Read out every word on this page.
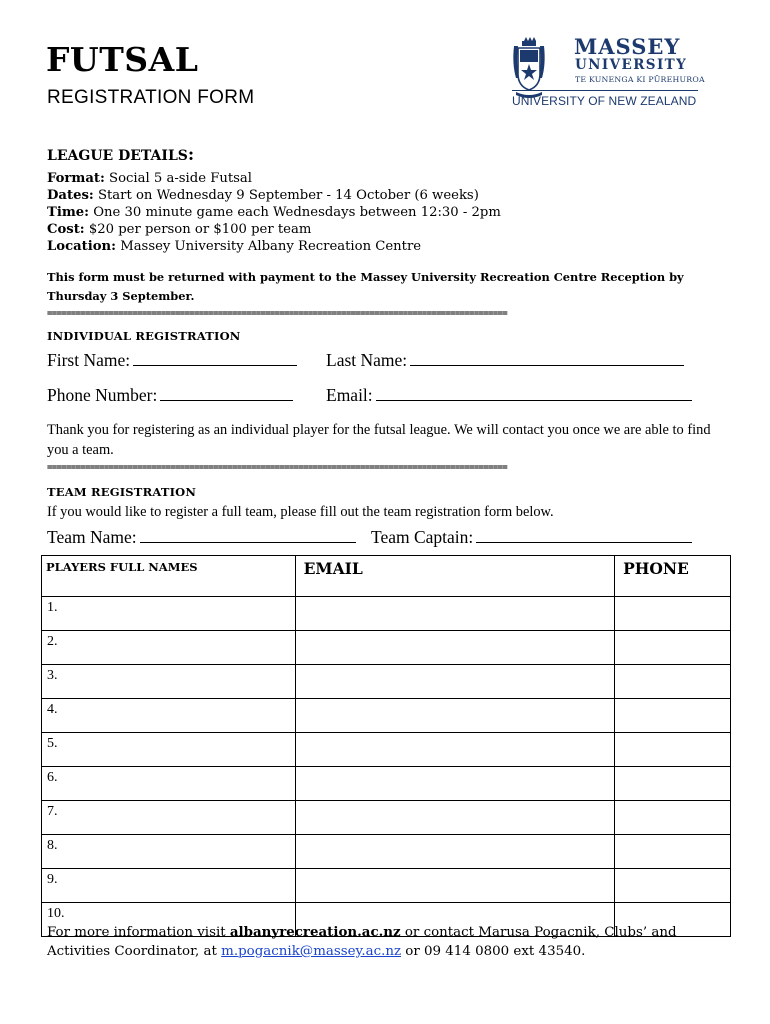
FUTSAL
REGISTRATION FORM
MASSEY
UNIVERSITY
TE KUNENGA KI PŪREHUROA
UNIVERSITY OF NEW ZEALAND
LEAGUE DETAILS:
Format: Social 5 a-side Futsal
Dates: Start on Wednesday 9 September - 14 October (6 weeks)
Time: One 30 minute game each Wednesdays between 12:30 - 2pm
Cost: $20 per person or $100 per team
Location: Massey University Albany Recreation Centre
This form must be returned with payment to the Massey University Recreation Centre Reception by Thursday 3 September.
=================================================================================================
INDIVIDUAL REGISTRATION
First Name:	Last Name:
Phone Number:	Email:
Thank you for registering as an individual player for the futsal league. We will contact you once we are able to find you a team.
=================================================================================================
TEAM REGISTRATION
If you would like to register a full team, please fill out the team registration form below.
Team Name:	Team Captain:
PLAYERS FULL NAMES	EMAIL	PHONE
1.		
2.		
3.		
4.		
5.		
6.		
7.		
8.		
9.		
10.		
For more information visit albanyrecreation.ac.nz or contact Marusa Pogacnik, Clubs’ and Activities Coordinator, at m.pogacnik@massey.ac.nz or 09 414 0800 ext 43540.
